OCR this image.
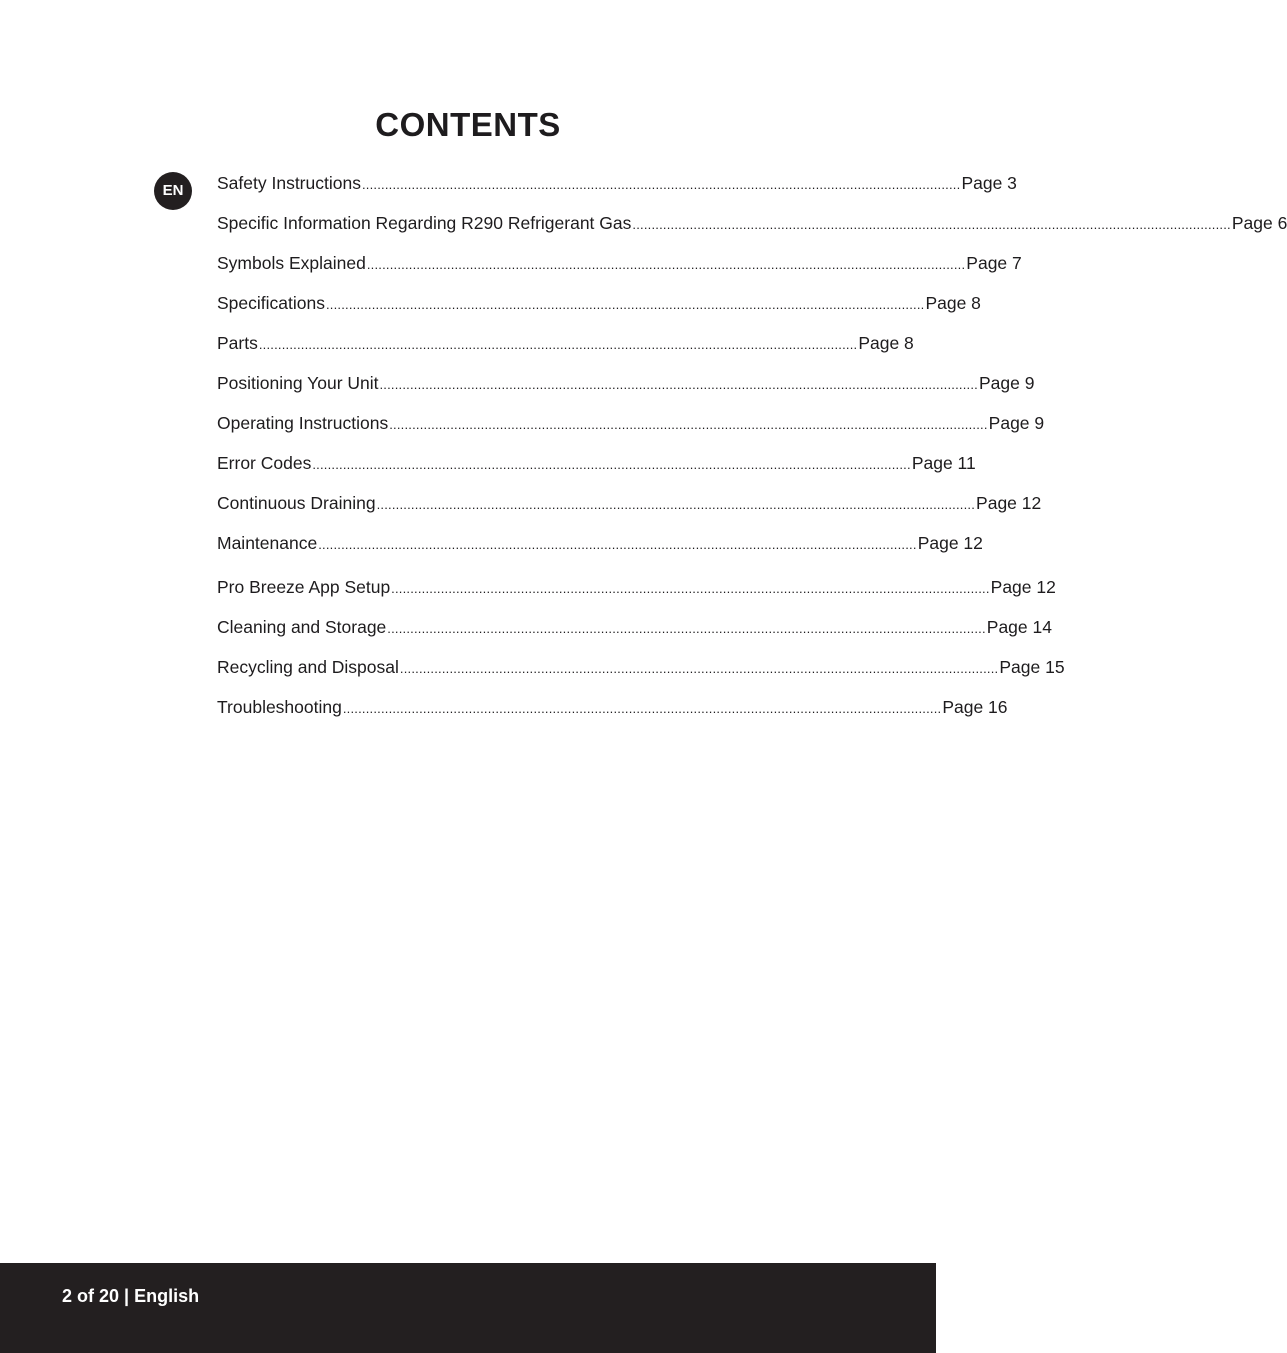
CONTENTS
EN	Safety Instructions ............................................................................................................................................................. Page 3
Specific Information Regarding R290 Refrigerant Gas ............................................................................................................................................................. Page 6
Symbols Explained ............................................................................................................................................................. Page 7
Specifications ............................................................................................................................................................. Page 8
Parts ............................................................................................................................................................. Page 8
Positioning Your Unit ............................................................................................................................................................. Page 9
Operating Instructions ............................................................................................................................................................. Page 9
Error Codes ............................................................................................................................................................. Page 11
Continuous Draining ............................................................................................................................................................. Page 12
Maintenance ............................................................................................................................................................. Page 12
Pro Breeze App Setup ............................................................................................................................................................. Page 12
Cleaning and Storage ............................................................................................................................................................. Page 14
Recycling and Disposal ............................................................................................................................................................. Page 15
Troubleshooting ............................................................................................................................................................. Page 16
2 of 20 | English
